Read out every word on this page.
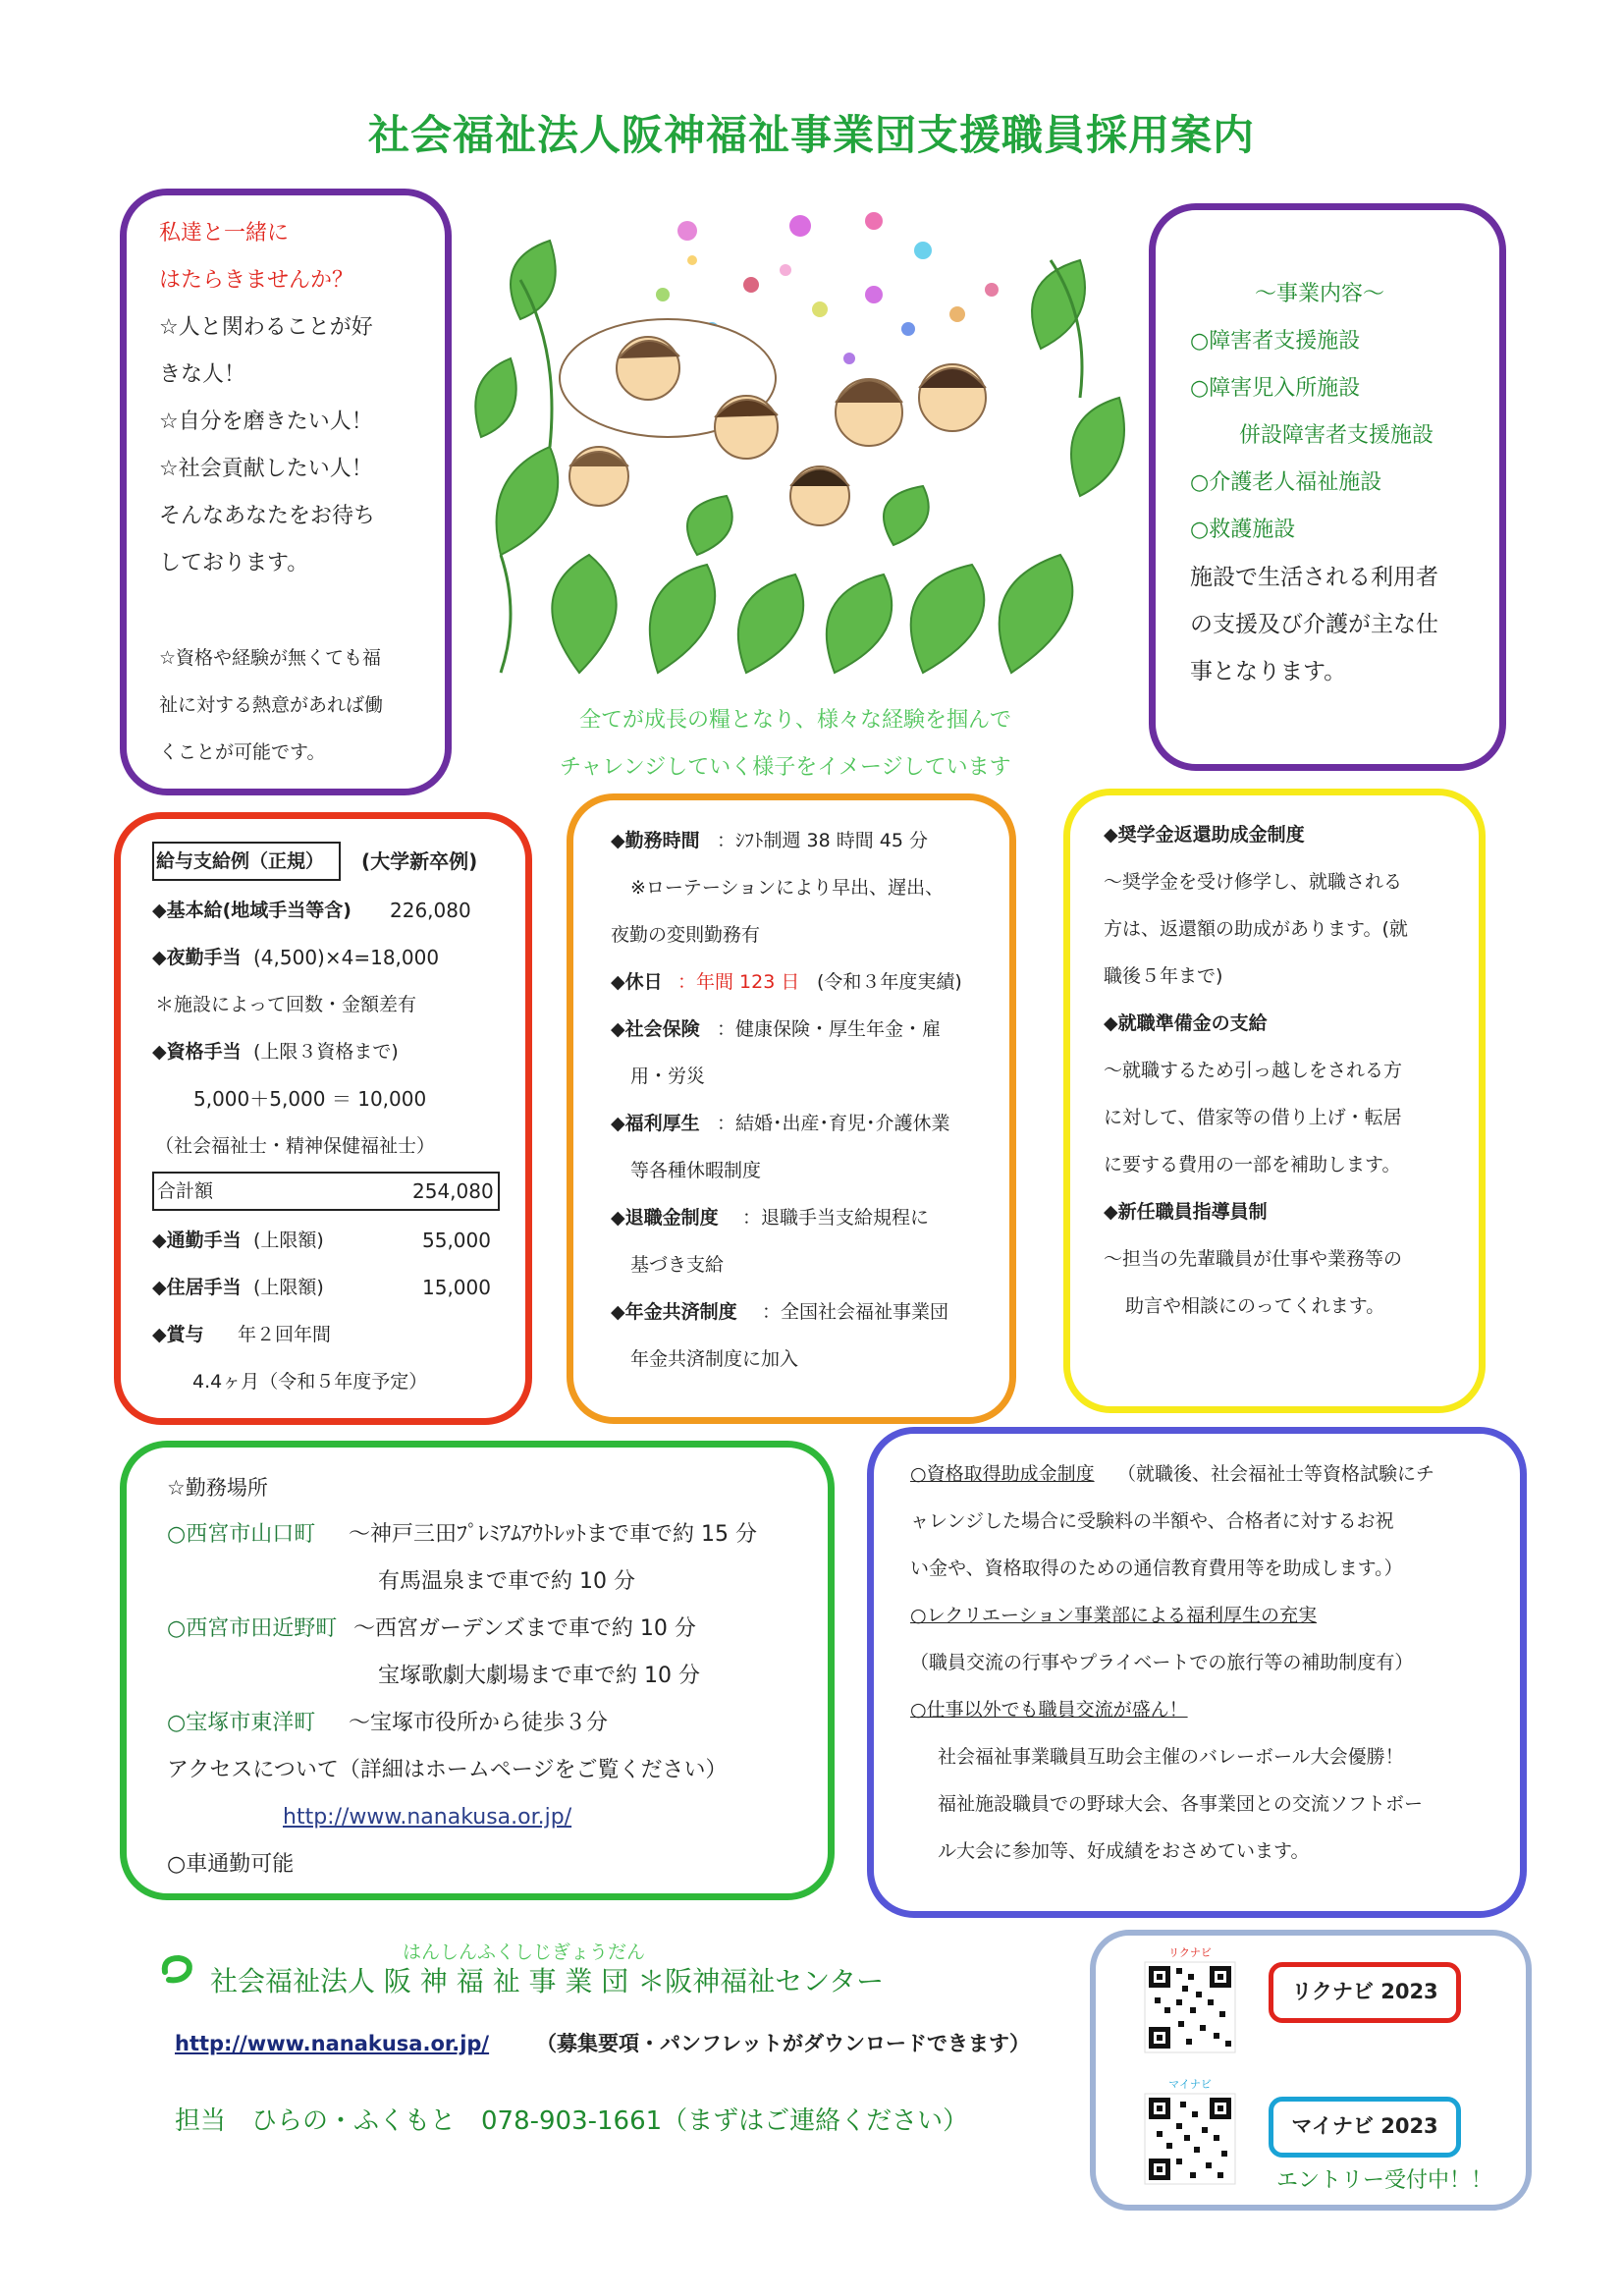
社会福祉法人阪神福祉事業団支援職員採用案内
私達と一緒に
はたらきませんか？
☆人と関わることが好
きな人！
☆自分を磨きたい人！
☆社会貢献したい人！
そんなあなたをお待ち
しております。
☆資格や経験が無くても福
祉に対する熱意があれば働
くことが可能です。
全てが成長の糧となり、様々な経験を掴んで
チャレンジしていく様子をイメージしています
～事業内容～
○障害者支援施設
○障害児入所施設
併設障害者支援施設
○介護老人福祉施設
○救護施設
施設で生活される利用者
の支援及び介護が主な仕
事となります。
給与支給例（正規） (大学新卒例)
◆基本給(地域手当等含) 226,080
◆夜勤手当 (4,500)×4=18,000
＊施設によって回数・金額差有
◆資格手当 (上限３資格まで)
5,000＋5,000 ＝ 10,000
（社会福祉士・精神保健福祉士）
合計額	254,080
◆通勤手当 (上限額)	55,000
◆住居手当 (上限額)	15,000
◆賞与 年２回年間
4.4ヶ月（令和５年度予定）
◆勤務時間 ：ｼﾌﾄ制週 38 時間 45 分
※ローテーションにより早出、遅出、
夜勤の変則勤務有
◆休日 ：年間 123 日 (令和３年度実績)
◆社会保険 ：健康保険・厚生年金・雇
用・労災
◆福利厚生 ：結婚･出産･育児･介護休業
等各種休暇制度
◆退職金制度 ：退職手当支給規程に
基づき支給
◆年金共済制度 ：全国社会福祉事業団
年金共済制度に加入
◆奨学金返還助成金制度
～奨学金を受け修学し、就職される
方は、返還額の助成があります。(就
職後５年まで)
◆就職準備金の支給
～就職するため引っ越しをされる方
に対して、借家等の借り上げ・転居
に要する費用の一部を補助します。
◆新任職員指導員制
～担当の先輩職員が仕事や業務等の
助言や相談にのってくれます。
☆勤務場所
○西宮市山口町 ～神戸三田ﾌﾟﾚﾐｱﾑｱｳﾄﾚｯﾄまで車で約 15 分
有馬温泉まで車で約 10 分
○西宮市田近野町 ～西宮ガーデンズまで車で約 10 分
宝塚歌劇大劇場まで車で約 10 分
○宝塚市東洋町 ～宝塚市役所から徒歩３分
アクセスについて（詳細はホームページをご覧ください）
http://www.nanakusa.or.jp/
○車通勤可能
○資格取得助成金制度 （就職後、社会福祉士等資格試験にチ
ャレンジした場合に受験料の半額や、合格者に対するお祝
い金や、資格取得のための通信教育費用等を助成します。）
○レクリエーション事業部による福利厚生の充実
（職員交流の行事やプライベートでの旅行等の補助制度有）
○仕事以外でも職員交流が盛ん！
社会福祉事業職員互助会主催のバレーボール大会優勝！
福祉施設職員での野球大会、各事業団との交流ソフトボー
ル大会に参加等、好成績をおさめています。
はんしんふくしじぎょうだん
社会福祉法人 阪 神 福 祉 事 業 団 ＊阪神福祉センター
http://www.nanakusa.or.jp/ （募集要項・パンフレットがダウンロードできます）
担当　ひらの・ふくもと　078-903-1661（まずはご連絡ください）
リクナビ
リクナビ 2023
マイナビ
マイナビ 2023
エントリー受付中！！
